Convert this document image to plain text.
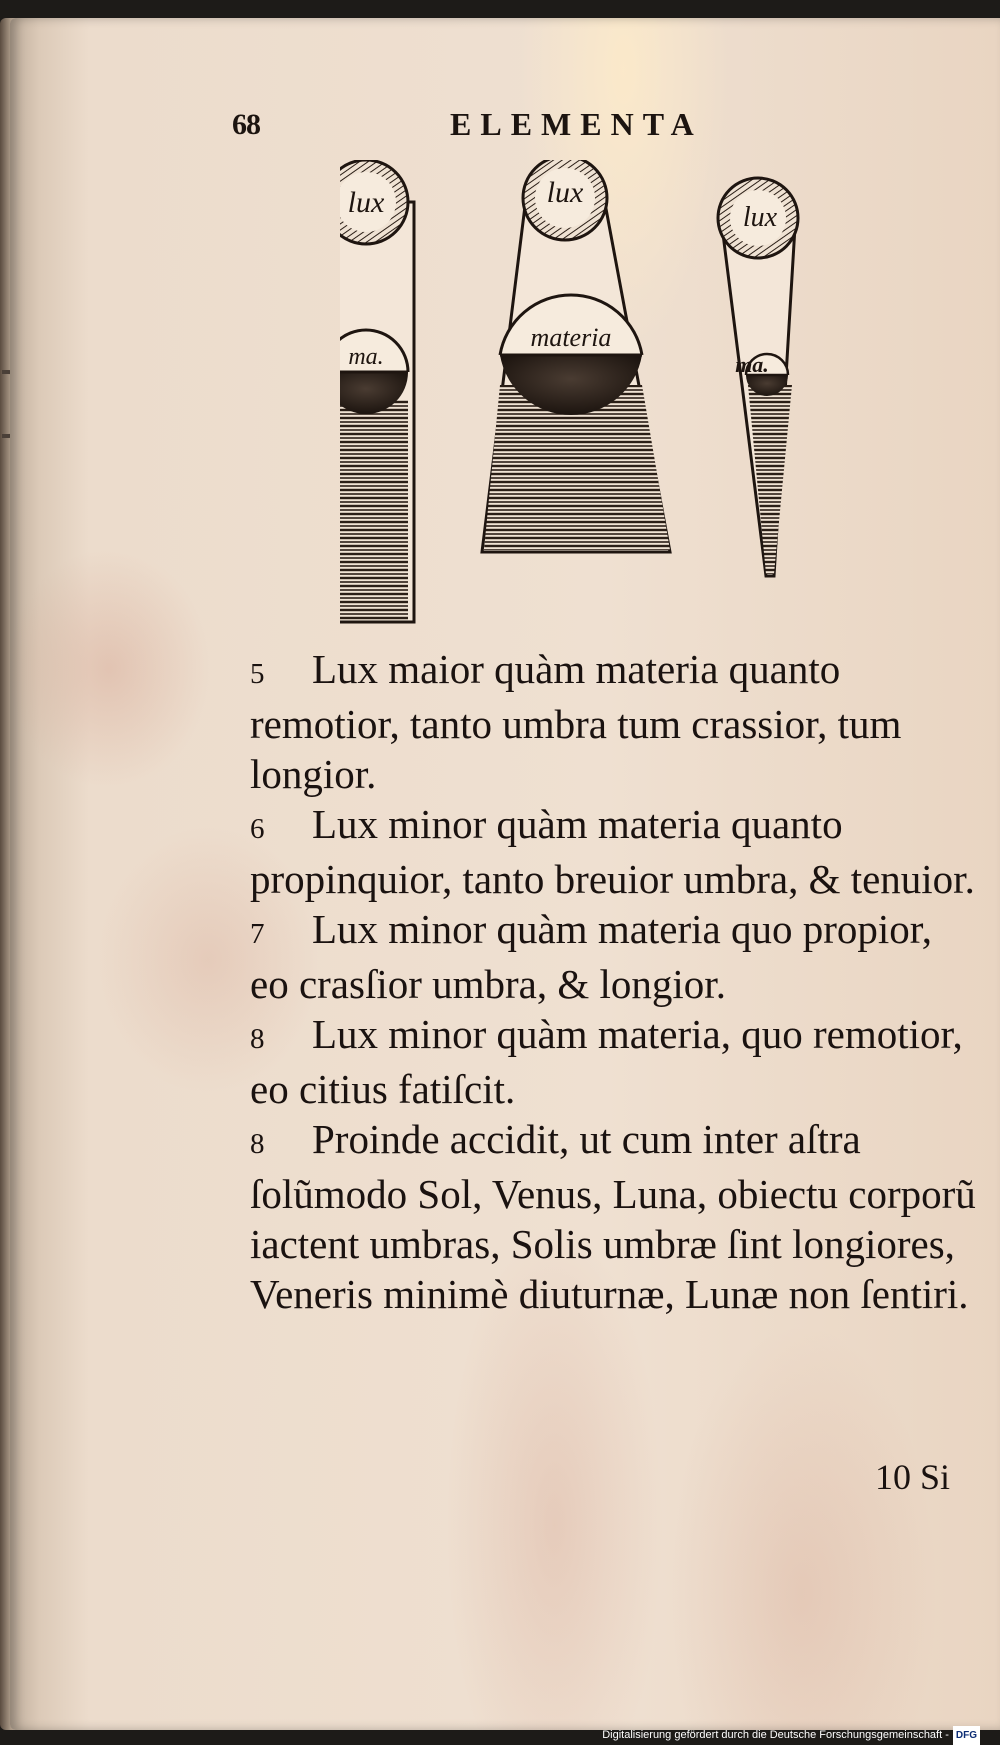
68	ELEMENTA
lux
ma.
lux
materia
lux
ma.

5 Lux maior quàm materia quanto remotior, tanto umbra tum crassior, tum longior.

6 Lux minor quàm materia quanto propinquior, tanto breuior umbra, & tenuior.

7 Lux minor quàm materia quo propior, eo crasſior umbra, & longior.

8 Lux minor quàm materia, quo remotior, eo citius fatiſcit.

8 Proinde accidit, ut cum inter aſtra ſolũmodo Sol, Venus, Luna, obiectu corporũ iactent umbras, Solis umbræ ſint longiores, Veneris minimè diuturnæ, Lunæ non ſentiri.

10 Si
Digitalisierung gefördert durch die Deutsche Forschungsgemeinschaft - DFG
